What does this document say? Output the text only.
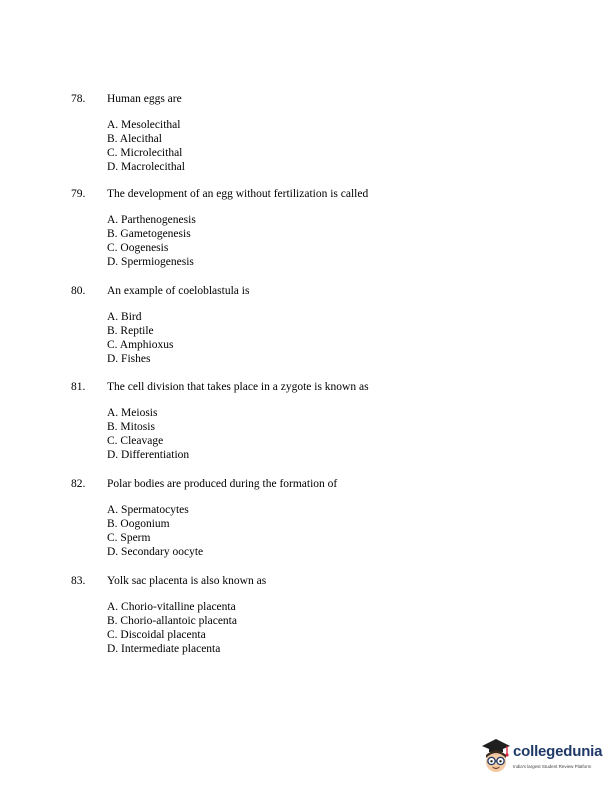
78. Human eggs are
A. Mesolecithal
B. Alecithal
C. Microlecithal
D. Macrolecithal
79. The development of an egg without fertilization is called
A. Parthenogenesis
B. Gametogenesis
C. Oogenesis
D. Spermiogenesis
80. An example of coeloblastula is
A. Bird
B. Reptile
C. Amphioxus
D. Fishes
81. The cell division that takes place in a zygote is known as
A. Meiosis
B. Mitosis
C. Cleavage
D. Differentiation
82. Polar bodies are produced during the formation of
A. Spermatocytes
B. Oogonium
C. Sperm
D. Secondary oocyte
83. Yolk sac placenta is also known as
A. Chorio-vitalline placenta
B. Chorio-allantoic placenta
C. Discoidal placenta
D. Intermediate placenta
collegedunia
India's largest Student Review Platform
